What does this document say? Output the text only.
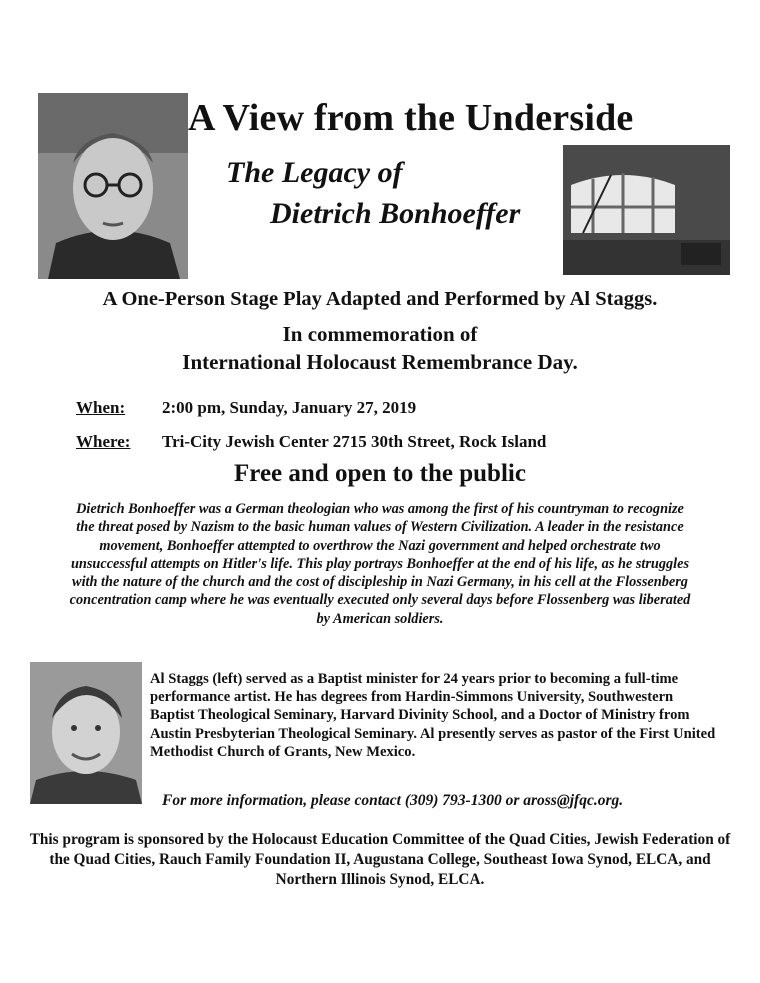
A View from the Underside
The Legacy of
Dietrich Bonhoeffer
A One-Person Stage Play Adapted and Performed by Al Staggs.
In commemoration of
International Holocaust Remembrance Day.
When: 2:00 pm, Sunday, January 27, 2019
Where: Tri-City Jewish Center 2715 30th Street, Rock Island
Free and open to the public
Dietrich Bonhoeffer was a German theologian who was among the first of his countryman to recognize the threat posed by Nazism to the basic human values of Western Civilization. A leader in the resistance movement, Bonhoeffer attempted to overthrow the Nazi government and helped orchestrate two unsuccessful attempts on Hitler's life. This play portrays Bonhoeffer at the end of his life, as he struggles with the nature of the church and the cost of discipleship in Nazi Germany, in his cell at the Flossenberg concentration camp where he was eventually executed only several days before Flossenberg was liberated by American soldiers.
Al Staggs (left) served as a Baptist minister for 24 years prior to becoming a full-time performance artist. He has degrees from Hardin-Simmons University, Southwestern Baptist Theological Seminary, Harvard Divinity School, and a Doctor of Ministry from Austin Presbyterian Theological Seminary. Al presently serves as pastor of the First United Methodist Church of Grants, New Mexico.
For more information, please contact (309) 793-1300 or aross@jfqc.org.
This program is sponsored by the Holocaust Education Committee of the Quad Cities, Jewish Federation of the Quad Cities, Rauch Family Foundation II, Augustana College, Southeast Iowa Synod, ELCA, and Northern Illinois Synod, ELCA.
